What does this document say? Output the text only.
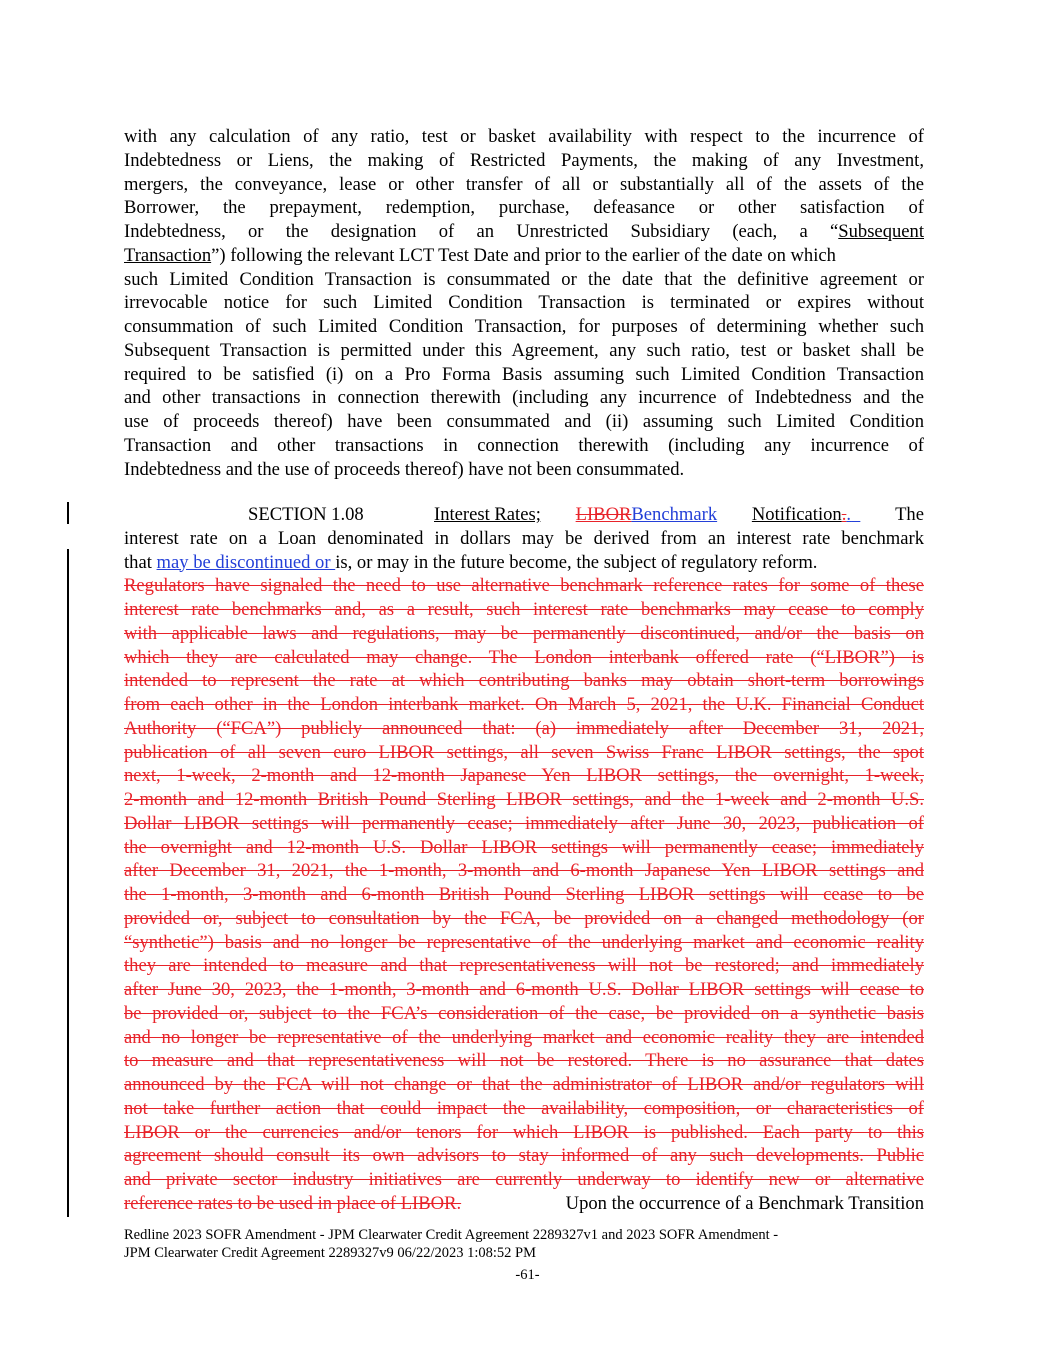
with any calculation of any ratio, test or basket availability with respect to the incurrence of
Indebtedness or Liens, the making of Restricted Payments, the making of any Investment,
mergers, the conveyance, lease or other transfer of all or substantially all of the assets of the
Borrower, the prepayment, redemption, purchase, defeasance or other satisfaction of
Indebtedness, or the designation of an Unrestricted Subsidiary (each, a “Subsequent
Transaction”) following the relevant LCT Test Date and prior to the earlier of the date on which
such Limited Condition Transaction is consummated or the date that the definitive agreement or
irrevocable notice for such Limited Condition Transaction is terminated or expires without
consummation of such Limited Condition Transaction, for purposes of determining whether such
Subsequent Transaction is permitted under this Agreement, any such ratio, test or basket shall be
required to be satisfied (i) on a Pro Forma Basis assuming such Limited Condition Transaction
and other transactions in connection therewith (including any incurrence of Indebtedness and the
use of proceeds thereof) have been consummated and (ii) assuming such Limited Condition
Transaction and other transactions in connection therewith (including any incurrence of
Indebtedness and the use of proceeds thereof) have not been consummated.
SECTION 1.08	Interest Rates; LIBORBenchmark Notification..	The
interest rate on a Loan denominated in dollars may be derived from an interest rate benchmark
that may be discontinued or is, or may in the future become, the subject of regulatory reform.
Regulators have signaled the need to use alternative benchmark reference rates for some of these
interest rate benchmarks and, as a result, such interest rate benchmarks may cease to comply
with applicable laws and regulations, may be permanently discontinued, and/or the basis on
which they are calculated may change. The London interbank offered rate (“LIBOR”) is
intended to represent the rate at which contributing banks may obtain short-term borrowings
from each other in the London interbank market. On March 5, 2021, the U.K. Financial Conduct
Authority (“FCA”) publicly announced that: (a) immediately after December 31, 2021,
publication of all seven euro LIBOR settings, all seven Swiss Franc LIBOR settings, the spot
next, 1-week, 2-month and 12-month Japanese Yen LIBOR settings, the overnight, 1-week,
2-month and 12-month British Pound Sterling LIBOR settings, and the 1-week and 2-month U.S.
Dollar LIBOR settings will permanently cease; immediately after June 30, 2023, publication of
the overnight and 12-month U.S. Dollar LIBOR settings will permanently cease; immediately
after December 31, 2021, the 1-month, 3-month and 6-month Japanese Yen LIBOR settings and
the 1-month, 3-month and 6-month British Pound Sterling LIBOR settings will cease to be
provided or, subject to consultation by the FCA, be provided on a changed methodology (or
“synthetic”) basis and no longer be representative of the underlying market and economic reality
they are intended to measure and that representativeness will not be restored; and immediately
after June 30, 2023, the 1-month, 3-month and 6-month U.S. Dollar LIBOR settings will cease to
be provided or, subject to the FCA’s consideration of the case, be provided on a synthetic basis
and no longer be representative of the underlying market and economic reality they are intended
to measure and that representativeness will not be restored. There is no assurance that dates
announced by the FCA will not change or that the administrator of LIBOR and/or regulators will
not take further action that could impact the availability, composition, or characteristics of
LIBOR or the currencies and/or tenors for which LIBOR is published. Each party to this
agreement should consult its own advisors to stay informed of any such developments. Public
and private sector industry initiatives are currently underway to identify new or alternative
reference rates to be used in place of LIBOR.	Upon the occurrence of a Benchmark Transition
Redline 2023 SOFR Amendment - JPM Clearwater Credit Agreement 2289327v1 and 2023 SOFR Amendment -
JPM Clearwater Credit Agreement 2289327v9 06/22/2023 1:08:52 PM
-61-
